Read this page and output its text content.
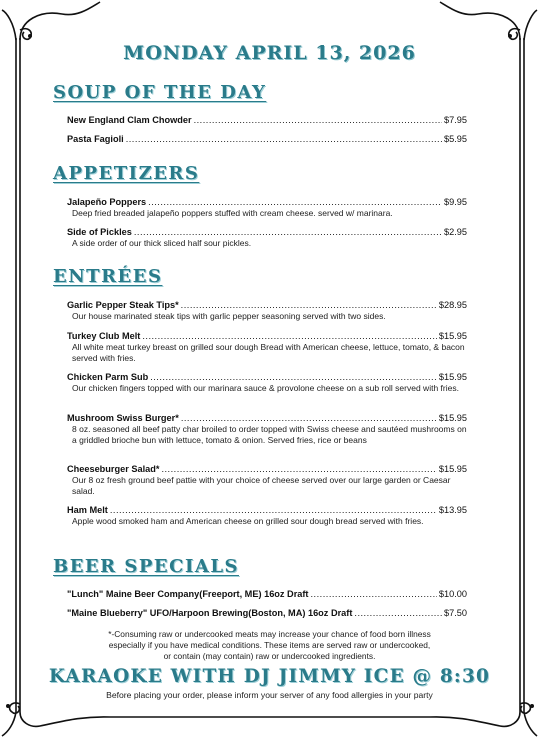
MONDAY APRIL 13, 2026
SOUP OF THE DAY
New England Clam Chowder .....	$7.95
Pasta Fagioli .....	$5.95
APPETIZERS
Jalapeño Poppers .....	$9.95
Deep fried breaded jalapeño poppers stuffed with cream cheese. served w/ marinara.
Side of Pickles .....	$2.95
A side order of our thick sliced half sour pickles.
ENTRÉES
Garlic Pepper Steak Tips* .....	$28.95
Our house marinated steak tips with garlic pepper seasoning served with two sides.
Turkey Club Melt .....	$15.95
All white meat turkey breast on grilled sour dough Bread with American cheese, lettuce, tomato, & bacon served with fries.
Chicken Parm Sub .....	$15.95
Our chicken fingers topped with our marinara sauce & provolone cheese on a sub roll served with fries.
Mushroom Swiss Burger* .....	$15.95
8 oz. seasoned all beef patty char broiled to order topped with Swiss cheese and sautéed mushrooms on a griddled brioche bun with lettuce, tomato & onion. Served fries, rice or beans
Cheeseburger Salad* .....	$15.95
Our 8 oz fresh ground beef pattie with your choice of cheese served over our large garden or Caesar salad.
Ham Melt .....	$13.95
Apple wood smoked ham and American cheese on grilled sour dough bread served with fries.
BEER SPECIALS
"Lunch" Maine Beer Company(Freeport, ME) 16oz Draft .....	$10.00
"Maine Blueberry" UFO/Harpoon Brewing(Boston, MA) 16oz Draft .....	$7.50
*-Consuming raw or undercooked meats may increase your chance of food born illness
especially if you have medical conditions. These items are served raw or undercooked,
or contain (may contain) raw or undercooked ingredients.
KARAOKE WITH DJ JIMMY ICE @ 8:30
Before placing your order, please inform your server of any food allergies in your party
